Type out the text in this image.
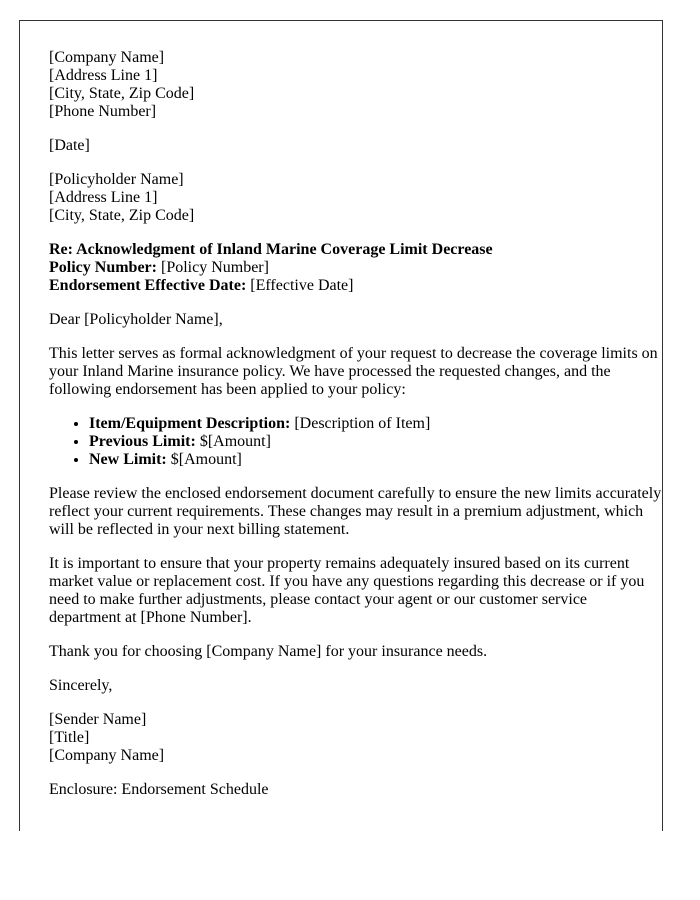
[Company Name]
[Address Line 1]
[City, State, Zip Code]
[Phone Number]

[Date]

[Policyholder Name]
[Address Line 1]
[City, State, Zip Code]

Re: Acknowledgment of Inland Marine Coverage Limit Decrease
Policy Number: [Policy Number]
Endorsement Effective Date: [Effective Date]

Dear [Policyholder Name],

This letter serves as formal acknowledgment of your request to decrease the coverage limits on your Inland Marine insurance policy. We have processed the requested changes, and the following endorsement has been applied to your policy:

• Item/Equipment Description: [Description of Item]
• Previous Limit: $[Amount]
• New Limit: $[Amount]

Please review the enclosed endorsement document carefully to ensure the new limits accurately reflect your current requirements. These changes may result in a premium adjustment, which will be reflected in your next billing statement.

It is important to ensure that your property remains adequately insured based on its current market value or replacement cost. If you have any questions regarding this decrease or if you need to make further adjustments, please contact your agent or our customer service department at [Phone Number].

Thank you for choosing [Company Name] for your insurance needs.

Sincerely,

[Sender Name]
[Title]
[Company Name]

Enclosure: Endorsement Schedule
